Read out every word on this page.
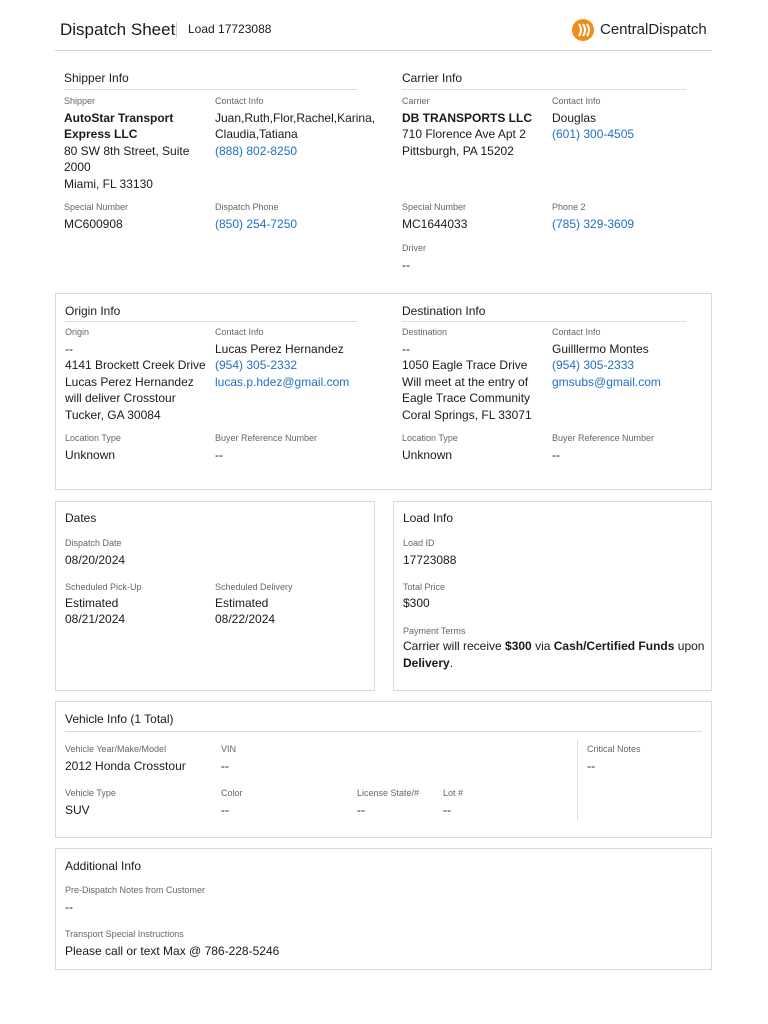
Dispatch Sheet Load 17723088	CentralDispatch
Shipper Info
Shipper
AutoStar Transport
Express LLC
80 SW 8th Street, Suite
2000
Miami, FL 33130
Contact Info
Juan,Ruth,Flor,Rachel,Karina,
Claudia,Tatiana
(888) 802-8250
Special Number
MC600908
Dispatch Phone
(850) 254-7250
Carrier Info
Carrier
DB TRANSPORTS LLC
710 Florence Ave Apt 2
Pittsburgh, PA 15202
Contact Info
Douglas
(601) 300-4505
Special Number
MC1644033
Phone 2
(785) 329-3609
Driver
--
Origin Info
Origin
--
4141 Brockett Creek Drive
Lucas Perez Hernandez
will deliver Crosstour
Tucker, GA 30084
Contact Info
Lucas Perez Hernandez
(954) 305-2332
lucas.p.hdez@gmail.com
Location Type
Unknown
Buyer Reference Number
--
Destination Info
Destination
--
1050 Eagle Trace Drive
Will meet at the entry of
Eagle Trace Community
Coral Springs, FL 33071
Contact Info
Guilllermo Montes
(954) 305-2333
gmsubs@gmail.com
Location Type
Unknown
Buyer Reference Number
--
Dates
Dispatch Date
08/20/2024
Scheduled Pick-Up
Estimated
08/21/2024
Scheduled Delivery
Estimated
08/22/2024
Load Info
Load ID
17723088
Total Price
$300
Payment Terms
Carrier will receive $300 via Cash/Certified Funds upon
Delivery.
Vehicle Info (1 Total)
Vehicle Year/Make/Model
2012 Honda Crosstour
VIN
--
Vehicle Type
SUV
Color
--
License State/#
--
Lot #
--
Critical Notes
--
Additional Info
Pre-Dispatch Notes from Customer
--
Transport Special Instructions
Please call or text Max @ 786-228-5246
